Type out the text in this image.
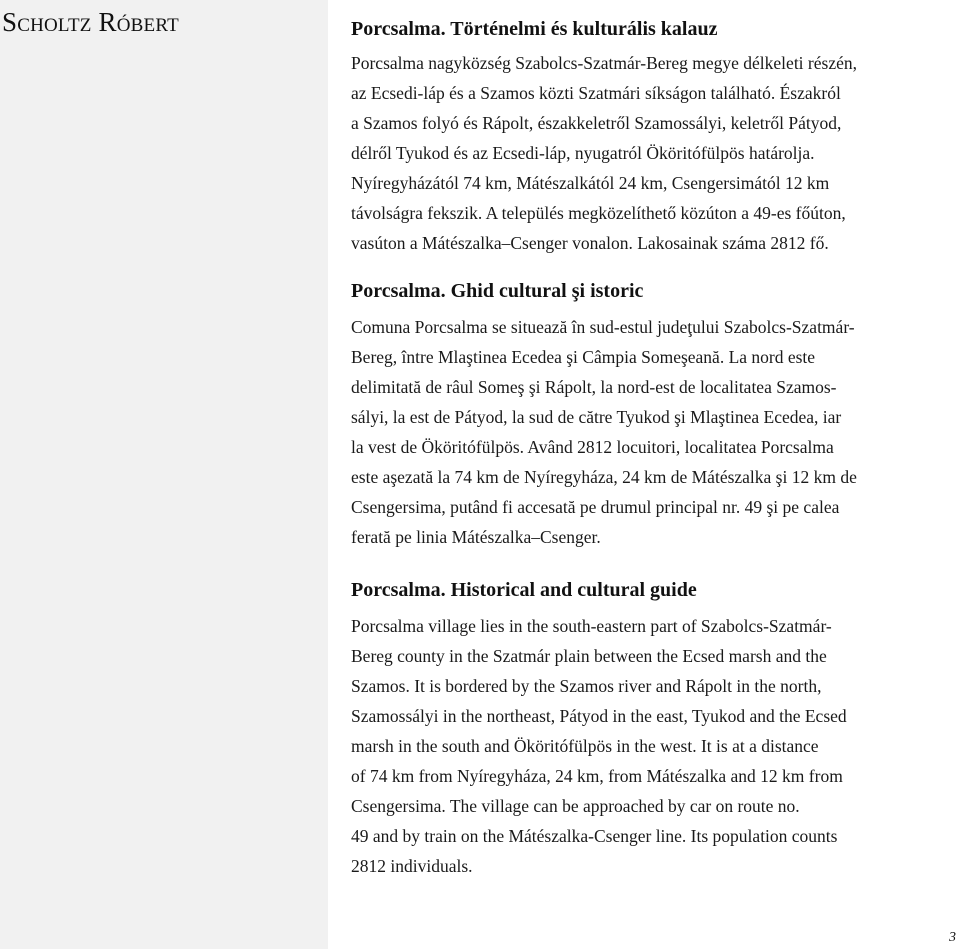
Scholtz Róbert	Porcsalma. Történelmi és kulturális kalauz

Porcsalma nagyközség Szabolcs-Szatmár-Bereg megye délkeleti részén,
az Ecsedi-láp és a Szamos közti Szatmári síkságon található. Északról
a Szamos folyó és Rápolt, északkeletről Szamossályi, keletről Pátyod,
délről Tyukod és az Ecsedi-láp, nyugatról Ököritófülpös határolja.
Nyíregyházától 74 km, Mátészalkától 24 km, Csengersimától 12 km
távolságra fekszik. A település megközelíthető közúton a 49-es főúton,
vasúton a Mátészalka–Csenger vonalon. Lakosainak száma 2812 fő.

Porcsalma. Ghid cultural şi istoric

Comuna Porcsalma se situează în sud-estul judeţului Szabolcs-Szatmár-
Bereg, între Mlaştinea Ecedea şi Câmpia Someşeană. La nord este
delimitată de râul Someş şi Rápolt, la nord-est de localitatea Szamos-
sályi, la est de Pátyod, la sud de către Tyukod şi Mlaştinea Ecedea, iar
la vest de Ököritófülpös. Având 2812 locuitori, localitatea Porcsalma
este aşezată la 74 km de Nyíregyháza, 24 km de Mátészalka şi 12 km de
Csengersima, putând fi accesată pe drumul principal nr. 49 şi pe calea
ferată pe linia Mátészalka–Csenger.

Porcsalma. Historical and cultural guide

Porcsalma village lies in the south-eastern part of Szabolcs-Szatmár-
Bereg county in the Szatmár plain between the Ecsed marsh and the
Szamos. It is bordered by the Szamos river and Rápolt in the north,
Szamossályi in the northeast, Pátyod in the east, Tyukod and the Ecsed
marsh in the south and Ököritófülpös in the west. It is at a distance
of 74 km from Nyíregyháza, 24 km, from Mátészalka and 12 km from
Csengersima. The village can be approached by car on route no.
49 and by train on the Mátészalka-Csenger line. Its population counts
2812 individuals.

3
